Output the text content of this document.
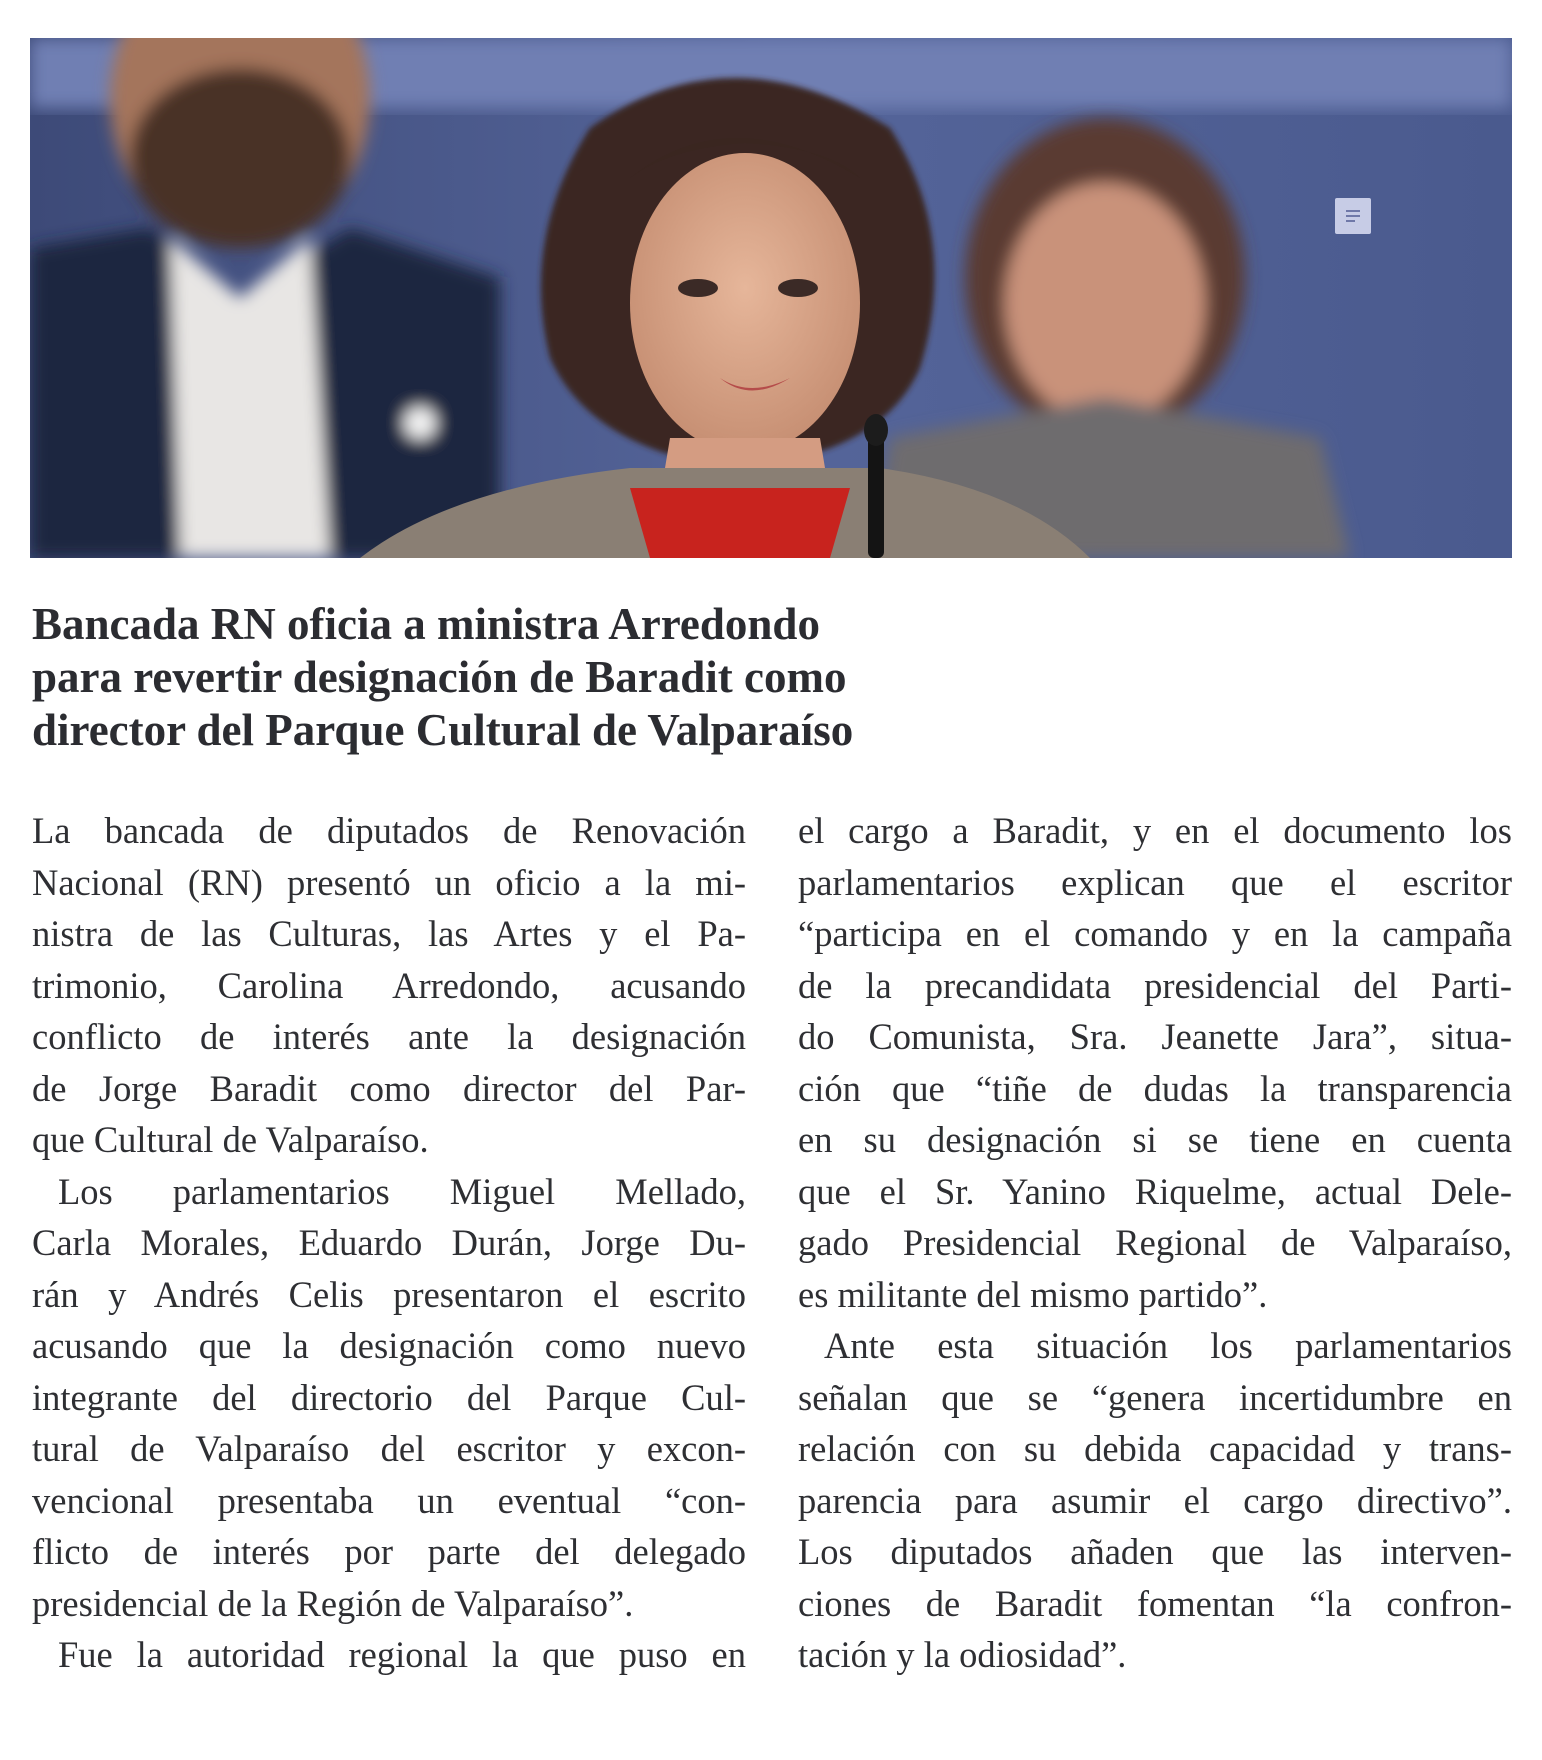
Bancada RN oficia a ministra Arredondo
para revertir designación de Baradit como
director del Parque Cultural de Valparaíso
La bancada de diputados de Renovación
Nacional (RN) presentó un oficio a la mi-
nistra de las Culturas, las Artes y el Pa-
trimonio, Carolina Arredondo, acusando
conflicto de interés ante la designación
de Jorge Baradit como director del Par-
que Cultural de Valparaíso.
Los parlamentarios Miguel Mellado,
Carla Morales, Eduardo Durán, Jorge Du-
rán y Andrés Celis presentaron el escrito
acusando que la designación como nuevo
integrante del directorio del Parque Cul-
tural de Valparaíso del escritor y excon-
vencional presentaba un eventual “con-
flicto de interés por parte del delegado
presidencial de la Región de Valparaíso”.
Fue la autoridad regional la que puso en
el cargo a Baradit, y en el documento los
parlamentarios explican que el escritor
“participa en el comando y en la campaña
de la precandidata presidencial del Parti-
do Comunista, Sra. Jeanette Jara”, situa-
ción que “tiñe de dudas la transparencia
en su designación si se tiene en cuenta
que el Sr. Yanino Riquelme, actual Dele-
gado Presidencial Regional de Valparaíso,
es militante del mismo partido”.
Ante esta situación los parlamentarios
señalan que se “genera incertidumbre en
relación con su debida capacidad y trans-
parencia para asumir el cargo directivo”.
Los diputados añaden que las interven-
ciones de Baradit fomentan “la confron-
tación y la odiosidad”.
